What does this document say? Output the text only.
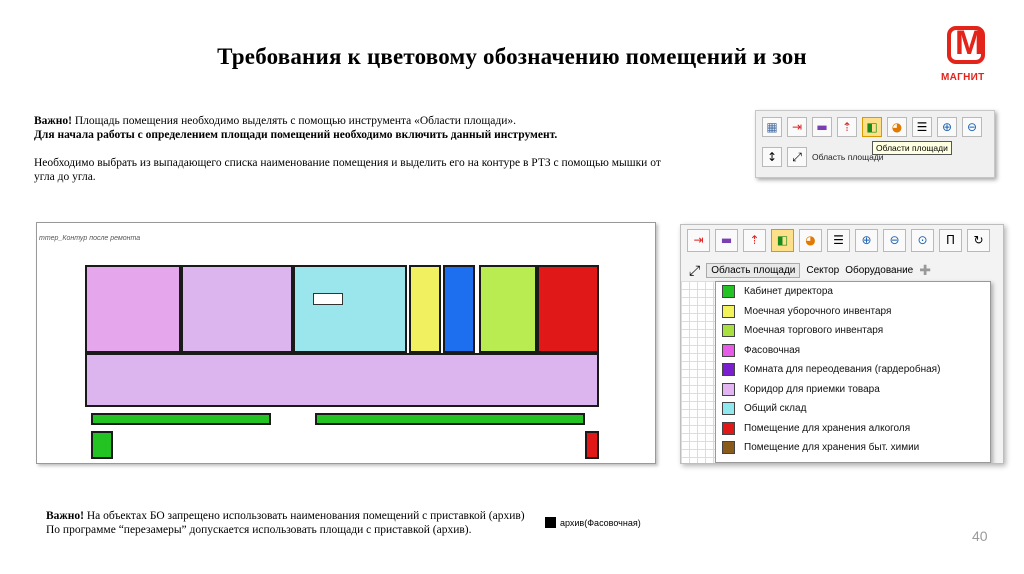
Требования к цветовому обозначению помещений и зон	M
МАГНИТ
Важно! Площадь помещения необходимо выделять с помощью инструмента «Области площади».
Для начала работы с определением площади помещений необходимо включить данный инструмент.
Необходимо выбрать из выпадающего списка наименование помещения и выделить его на контуре в РТЗ с помощью мышки от угла до угла.
▦	⇥	▬	⇡	◧	◕	☰	⊕	⊖
Области площади
↕	⤢	Область площади
ттер_Контур после ремонта	⇥	▬	⇡	◧	◕	☰	⊕	⊖	⊙	Π	↻
⤢	Область площади	Сектор Оборудование ✚
Кабинет директора
Моечная уборочного инвентаря
Моечная торгового инвентаря
Фасовочная
Комната для переодевания (гардеробная)
Коридор для приемки товара
Общий склад
Помещение для хранения алкоголя
Помещение для хранения быт. химии
Важно! На объектах БО запрещено использовать наименования помещений с приставкой (архив)
По программе “перезамеры” допускается использовать площади с приставкой (архив).
архив(Фасовочная)
40
